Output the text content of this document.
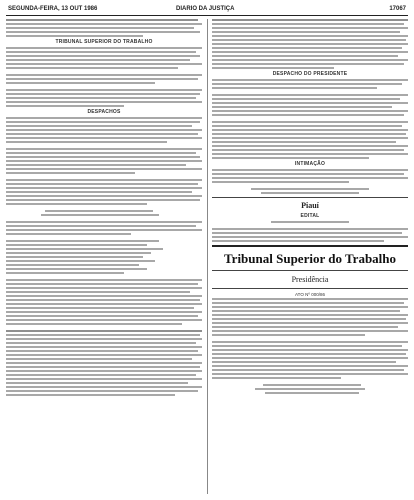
SEGUNDA-FEIRA, 13 OUT 1986	DIARIO DA JUSTIÇA	17067
TRIBUNAL SUPERIOR DO TRABALHO
DESPACHOS
DESPACHO DO PRESIDENTE
INTIMAÇÃO
Piauí
EDITAL
Tribunal Superior do Trabalho
Presidência
ATO Nº 000/86
